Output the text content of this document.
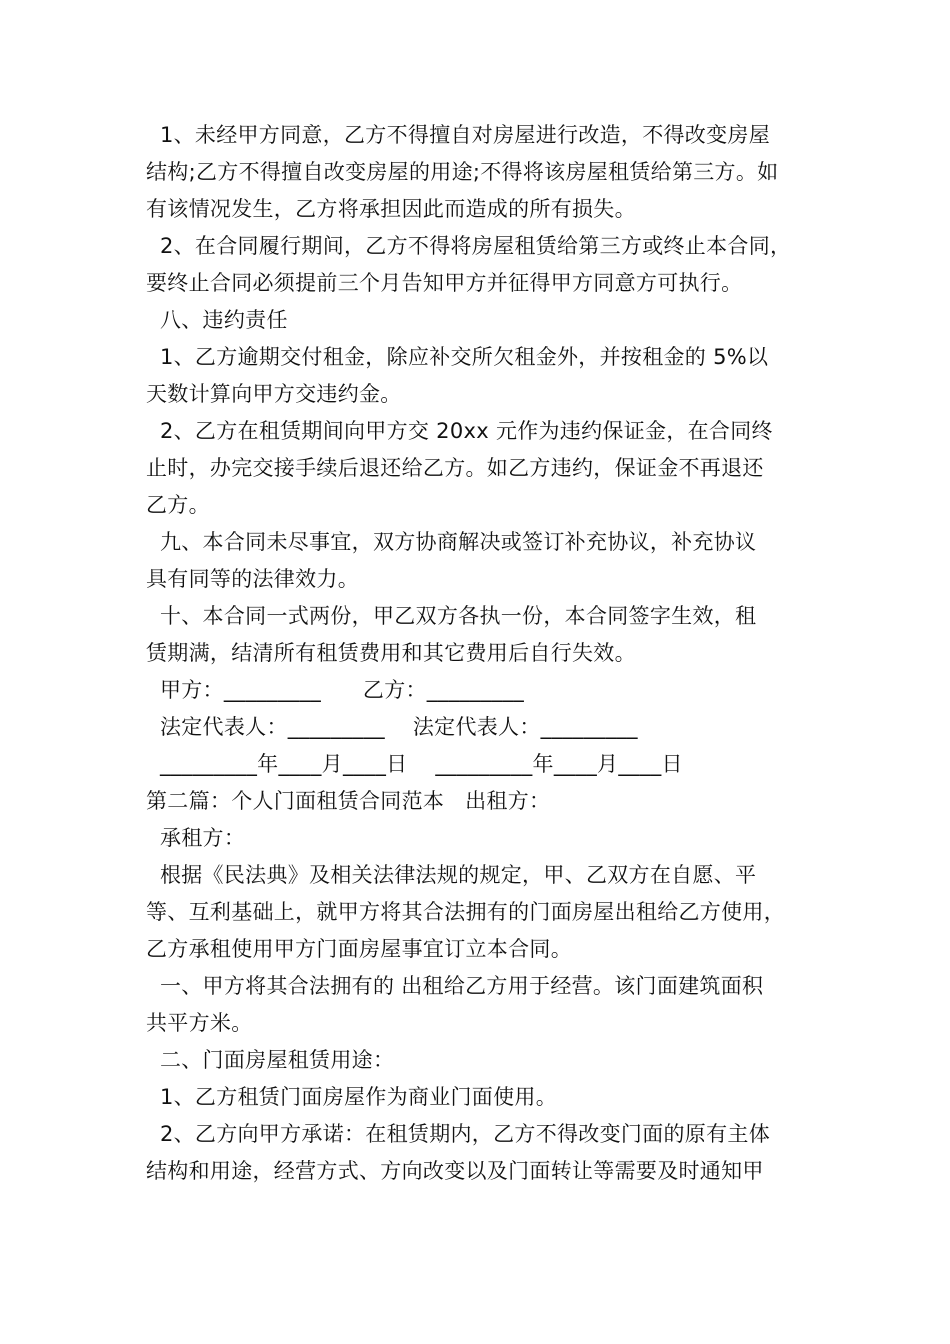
1、未经甲方同意，乙方不得擅自对房屋进行改造，不得改变房屋
结构;乙方不得擅自改变房屋的用途;不得将该房屋租赁给第三方。如
有该情况发生，乙方将承担因此而造成的所有损失。
2、在合同履行期间，乙方不得将房屋租赁给第三方或终止本合同，
要终止合同必须提前三个月告知甲方并征得甲方同意方可执行。
八、违约责任
1、乙方逾期交付租金，除应补交所欠租金外，并按租金的 5%以
天数计算向甲方交违约金。
2、乙方在租赁期间向甲方交 20xx 元作为违约保证金，在合同终
止时，办完交接手续后退还给乙方。如乙方违约，保证金不再退还
乙方。
九、本合同未尽事宜，双方协商解决或签订补充协议，补充协议
具有同等的法律效力。
十、本合同一式两份，甲乙双方各执一份，本合同签字生效，租
赁期满，结清所有租赁费用和其它费用后自行失效。
甲方：_________      乙方：_________
法定代表人：_________    法定代表人：_________
_________年____月____日    _________年____月____日
第二篇：个人门面租赁合同范本   出租方：
承租方：
根据《民法典》及相关法律法规的规定，甲、乙双方在自愿、平
等、互利基础上，就甲方将其合法拥有的门面房屋出租给乙方使用，
乙方承租使用甲方门面房屋事宜订立本合同。
一、甲方将其合法拥有的 出租给乙方用于经营。该门面建筑面积
共平方米。
二、门面房屋租赁用途：
1、乙方租赁门面房屋作为商业门面使用。
2、乙方向甲方承诺：在租赁期内，乙方不得改变门面的原有主体
结构和用途，经营方式、方向改变以及门面转让等需要及时通知甲
